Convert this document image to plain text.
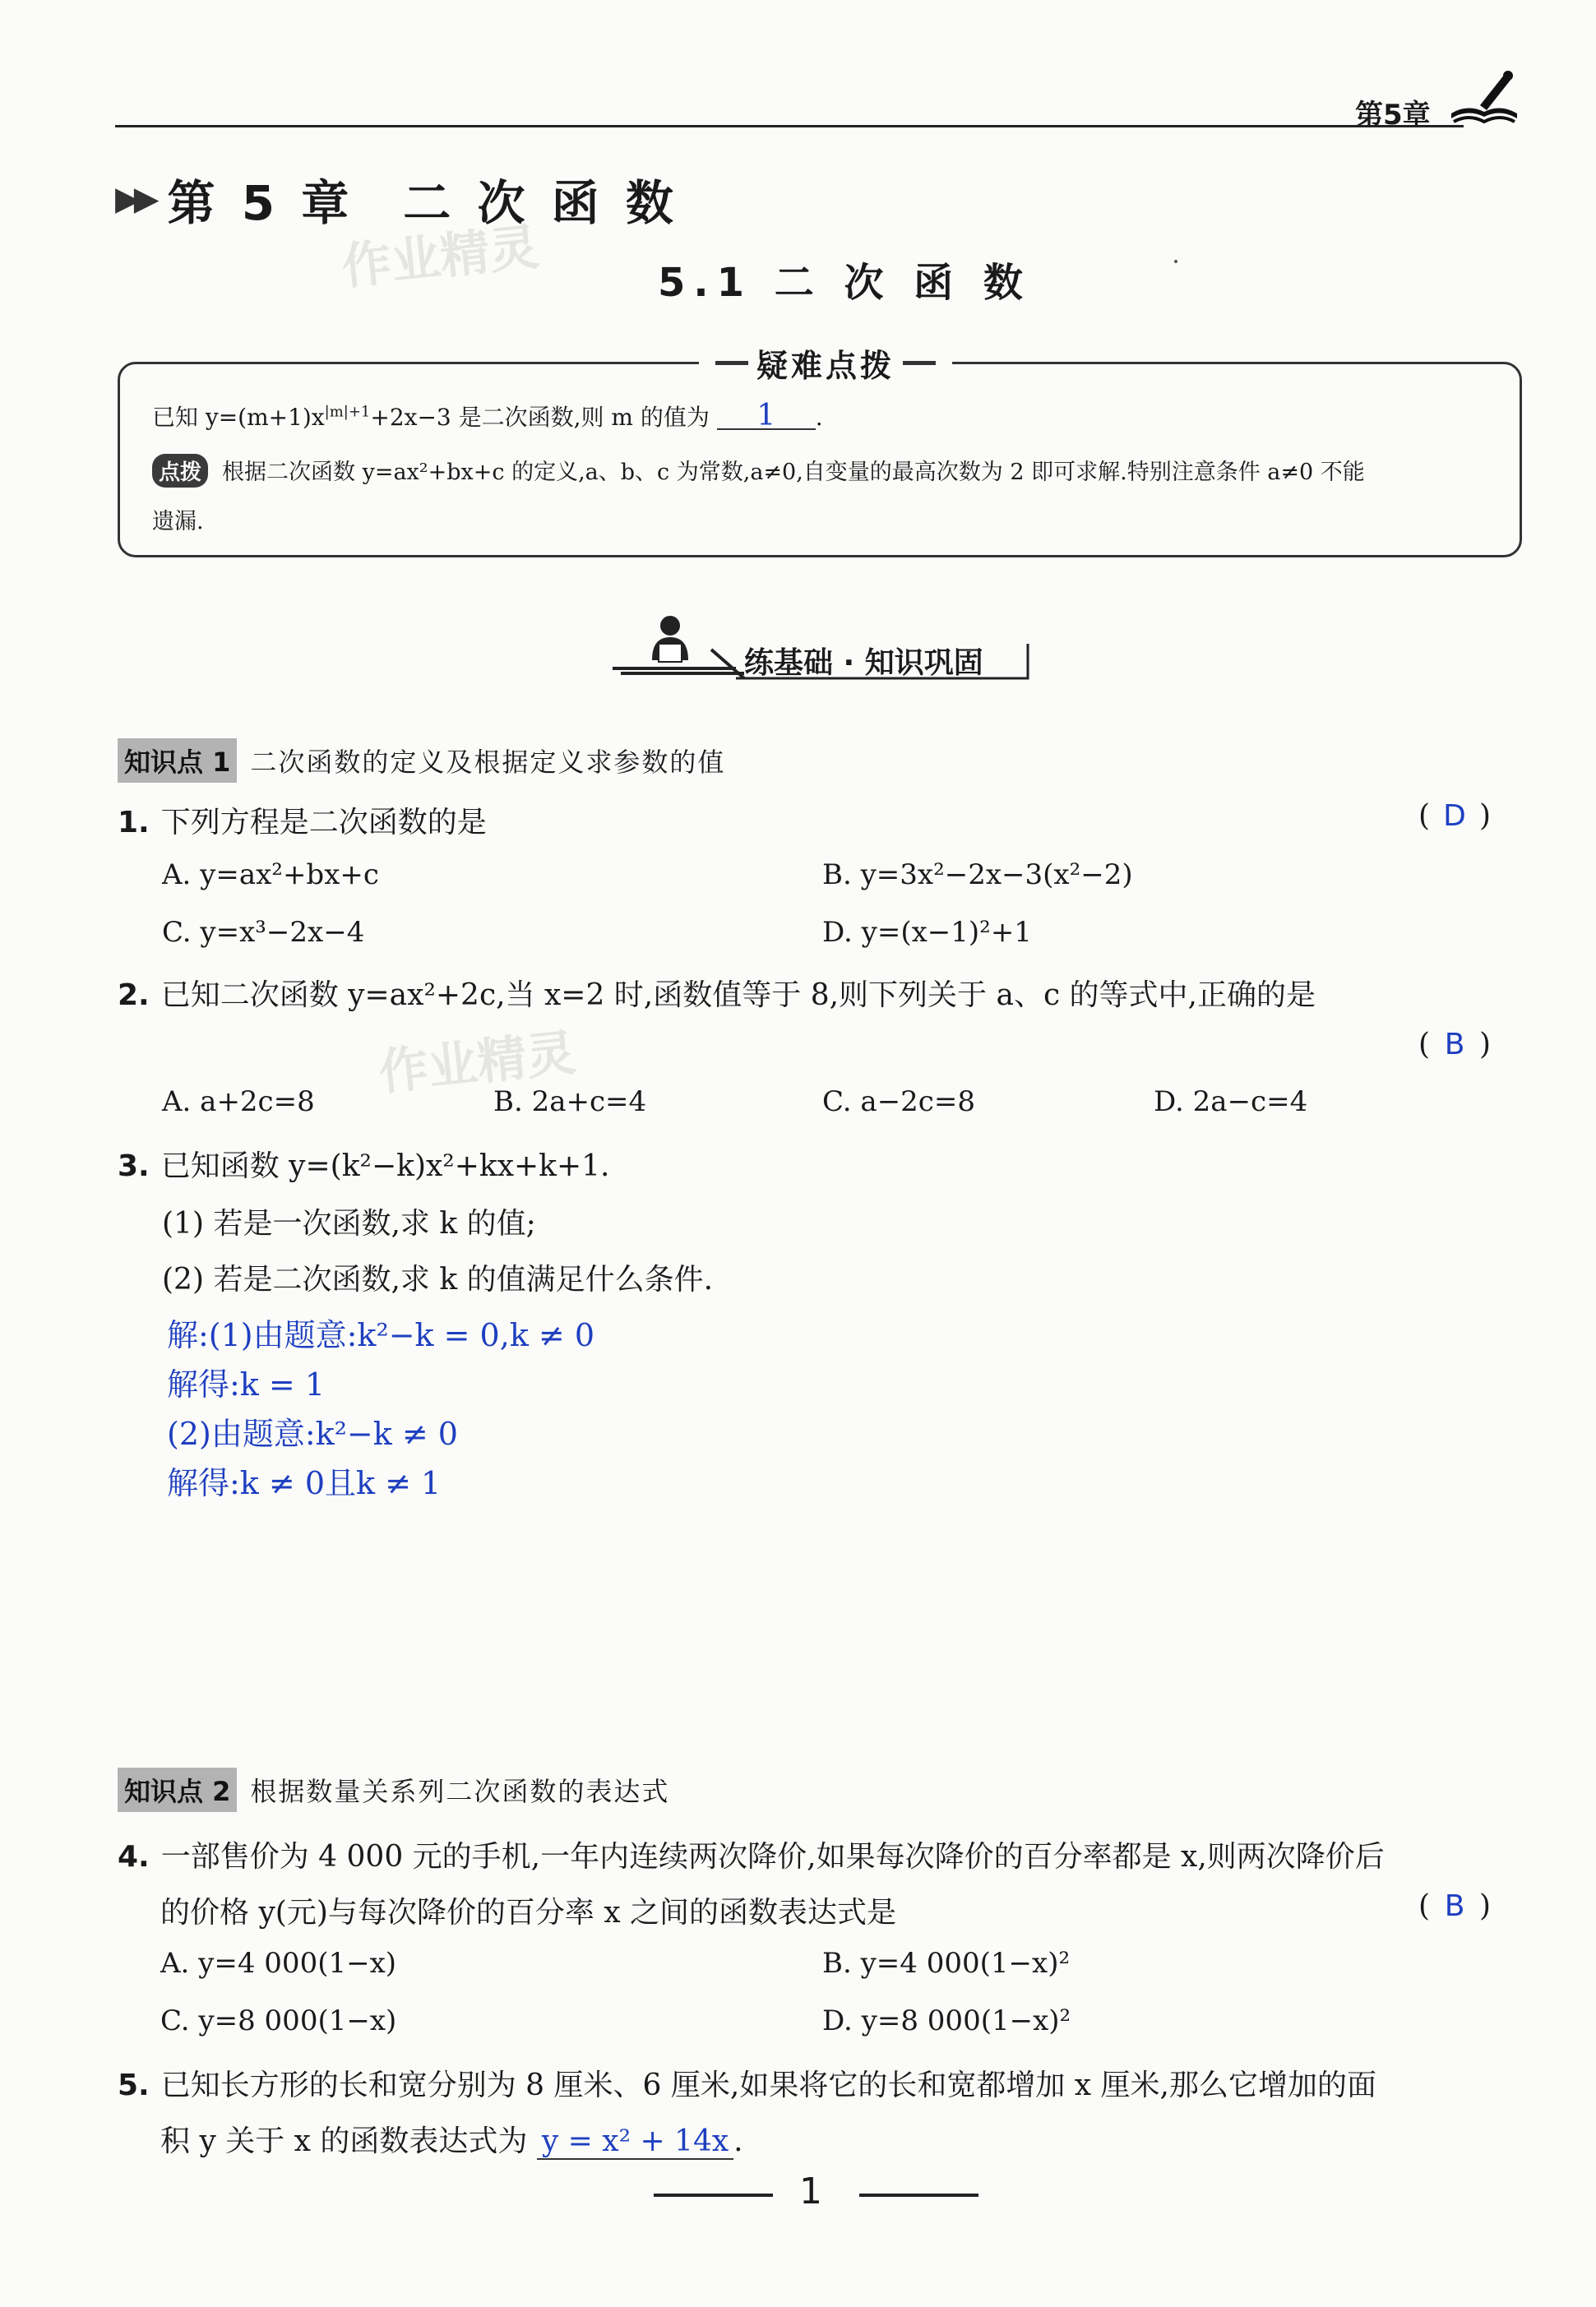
第5章
▶▶ 第 5 章 二 次 函 数
作业精灵	5.1 二 次 函 数
疑难点拨
已知 $y=(m+1)x^{|m|+1}+2x-3$ 是二次函数,则 m 的值为 1 .
点拨 根据二次函数 y=ax²+bx+c 的定义,a、b、c 为常数,a≠0,自变量的最高次数为 2 即可求解.特别注意条件 a≠0 不能
遗漏.
练基础 · 知识巩固
知识点 1 二次函数的定义及根据定义求参数的值
1. 下列方程是二次函数的是	( D )
A. y=ax²+bx+c	B. y=3x²−2x−3(x²−2)
C. y=x³−2x−4	D. y=(x−1)²+1
2. 已知二次函数 y=ax²+2c,当 x=2 时,函数值等于 8,则下列关于 a、c 的等式中,正确的是
作业精灵	( B )
A. a+2c=8	B. 2a+c=4	C. a−2c=8	D. 2a−c=4
3. 已知函数 y=(k²−k)x²+kx+k+1.
(1) 若是一次函数,求 k 的值;
(2) 若是二次函数,求 k 的值满足什么条件.
解:(1)由题意:k²−k = 0,k ≠ 0
解得:k = 1
(2)由题意:k²−k ≠ 0
解得:k ≠ 0且k ≠ 1
知识点 2 根据数量关系列二次函数的表达式
4. 一部售价为 4 000 元的手机,一年内连续两次降价,如果每次降价的百分率都是 x,则两次降价后
的价格 y(元)与每次降价的百分率 x 之间的函数表达式是	( B )
A. y=4 000(1−x)	B. y=4 000(1−x)²
C. y=8 000(1−x)	D. y=8 000(1−x)²
5. 已知长方形的长和宽分别为 8 厘米、6 厘米,如果将它的长和宽都增加 x 厘米,那么它增加的面
积 y 关于 x 的函数表达式为 y = x² + 14x .
1
